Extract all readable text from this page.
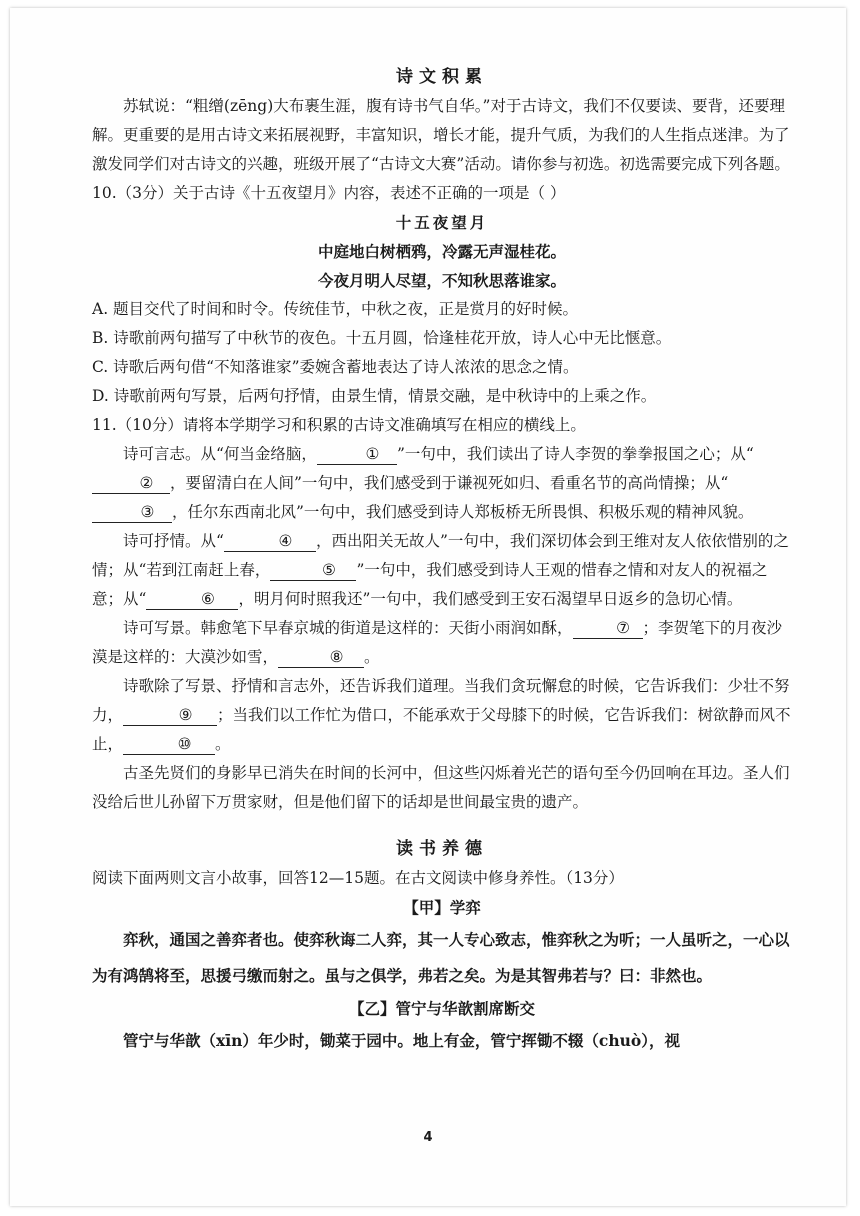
诗文积累

苏轼说：“粗缯(zēng)大布裹生涯，腹有诗书气自华。”对于古诗文，我们不仅要读、要背，还要理解。更重要的是用古诗文来拓展视野，丰富知识，增长才能，提升气质，为我们的人生指点迷津。为了激发同学们对古诗文的兴趣，班级开展了“古诗文大赛”活动。请你参与初选。初选需要完成下列各题。

10.（3分）关于古诗《十五夜望月》内容，表述不正确的一项是（ ）

十五夜望月

中庭地白树栖鸦，冷露无声湿桂花。

今夜月明人尽望，不知秋思落谁家。

A. 题目交代了时间和时令。传统佳节，中秋之夜，正是赏月的好时候。

B. 诗歌前两句描写了中秋节的夜色。十五月圆，恰逢桂花开放，诗人心中无比惬意。

C. 诗歌后两句借“不知落谁家”委婉含蓄地表达了诗人浓浓的思念之情。

D. 诗歌前两句写景，后两句抒情，由景生情，情景交融，是中秋诗中的上乘之作。

11.（10分）请将本学期学习和积累的古诗文准确填写在相应的横线上。

诗可言志。从“何当金络脑，	① ”一句中，我们读出了诗人李贺的拳拳报国之心；从“② ，要留清白在人间”一句中，我们感受到于谦视死如归、看重名节的高尚情操；从“③ ，任尔东西南北风”一句中，我们感受到诗人郑板桥无所畏惧、积极乐观的精神风貌。

诗可抒情。从“	④ ，西出阳关无故人”一句中，我们深切体会到王维对友人依依惜别的之情；从“若到江南赶上春，	⑤ ”一句中，我们感受到诗人王观的惜春之情和对友人的祝福之意；从“	⑥ ，明月何时照我还”一句中，我们感受到王安石渴望早日返乡的急切心情。

诗可写景。韩愈笔下早春京城的街道是这样的：天街小雨润如酥，	⑦ ；李贺笔下的月夜沙漠是这样的：大漠沙如雪，	⑧ 。

诗歌除了写景、抒情和言志外，还告诉我们道理。当我们贪玩懈怠的时候，它告诉我们：少壮不努力，	⑨ ；当我们以工作忙为借口，不能承欢于父母膝下的时候，它告诉我们：树欲静而风不止，	⑩ 。

古圣先贤们的身影早已消失在时间的长河中，但这些闪烁着光芒的语句至今仍回响在耳边。圣人们没给后世儿孙留下万贯家财，但是他们留下的话却是世间最宝贵的遗产。

读书养德

阅读下面两则文言小故事，回答12—15题。在古文阅读中修身养性。（13分）

【甲】学弈

弈秋，通国之善弈者也。使弈秋诲二人弈，其一人专心致志，惟弈秋之为听；一人虽听之，一心以为有鸿鹄将至，思援弓缴而射之。虽与之俱学，弗若之矣。为是其智弗若与？曰：非然也。

【乙】管宁与华歆割席断交

管宁与华歆（xīn）年少时，锄菜于园中。地上有金，管宁挥锄不辍（chuò），视

4
